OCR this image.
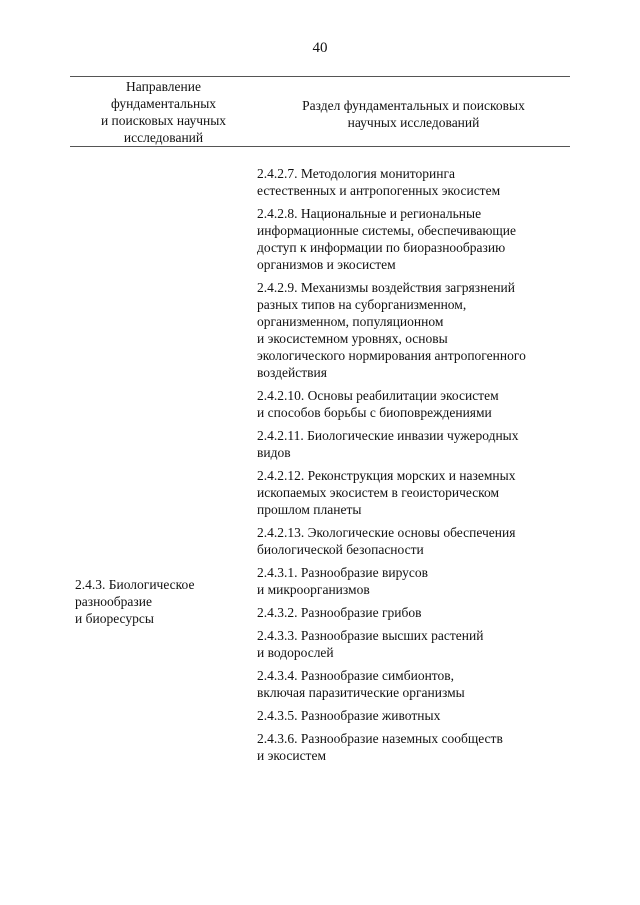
40
Направление
фундаментальных
и поисковых научных
исследований
Раздел фундаментальных и поисковых
научных исследований
2.4.2.7. Методология мониторинга
естественных и антропогенных экосистем
2.4.2.8. Национальные и региональные
информационные системы, обеспечивающие
доступ к информации по биоразнообразию
организмов и экосистем
2.4.2.9. Механизмы воздействия загрязнений
разных типов на суборганизменном,
организменном, популяционном
и экосистемном уровнях, основы
экологического нормирования антропогенного
воздействия
2.4.2.10. Основы реабилитации экосистем
и способов борьбы с биоповреждениями
2.4.2.11. Биологические инвазии чужеродных
видов
2.4.2.12. Реконструкция морских и наземных
ископаемых экосистем в геоисторическом
прошлом планеты
2.4.2.13. Экологические основы обеспечения
биологической безопасности
2.4.3.1. Разнообразие вирусов
и микроорганизмов
2.4.3.2. Разнообразие грибов
2.4.3.3. Разнообразие высших растений
и водорослей
2.4.3.4. Разнообразие симбионтов,
включая паразитические организмы
2.4.3.5. Разнообразие животных
2.4.3.6. Разнообразие наземных сообществ
и экосистем
2.4.3. Биологическое
разнообразие
и биоресурсы
